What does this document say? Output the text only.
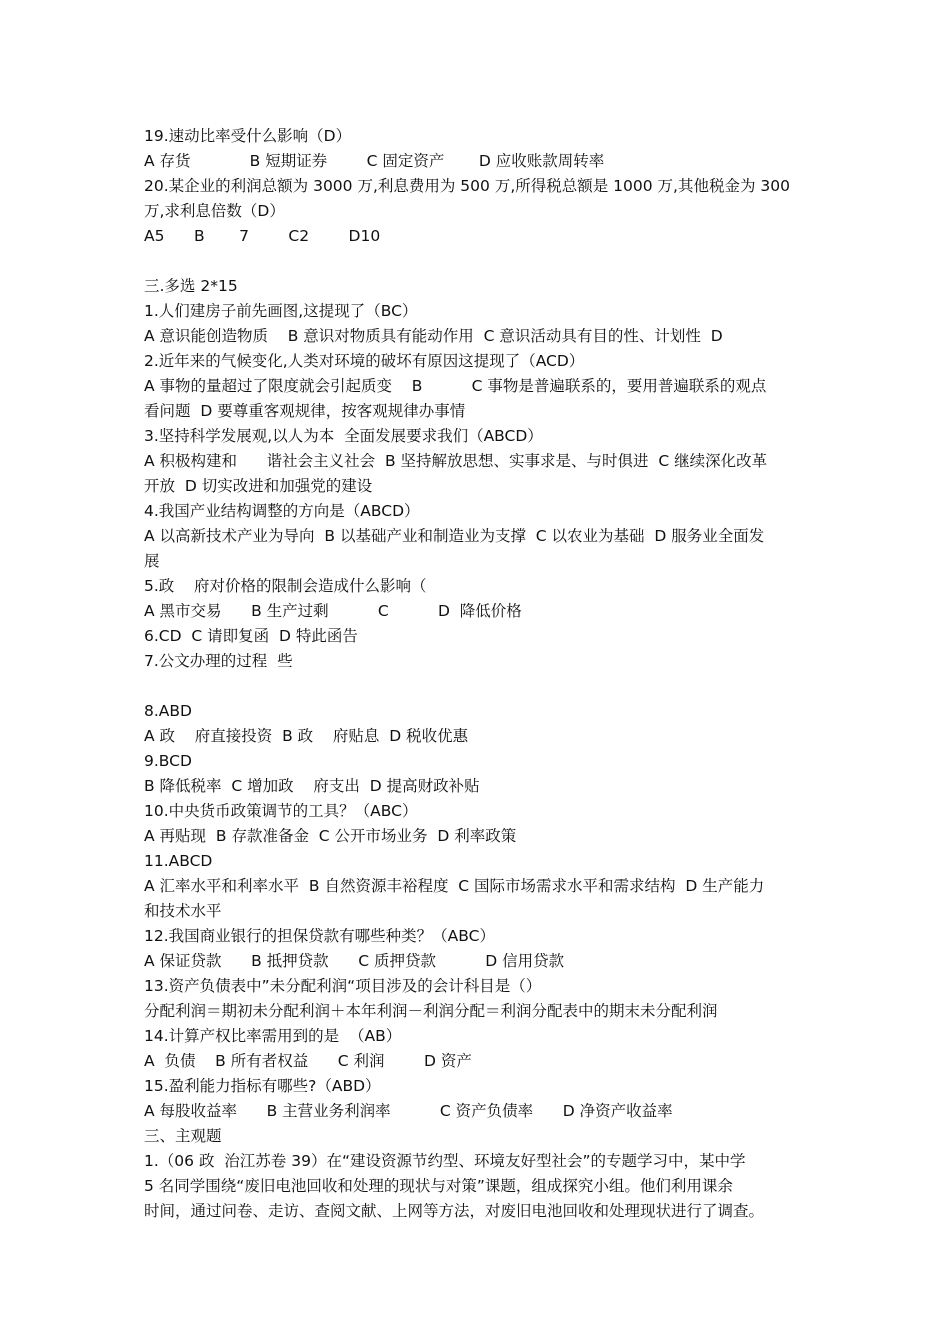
19.速动比率受什么影响（D）
A 存货            B 短期证券        C 固定资产       D 应收账款周转率
20.某企业的利润总额为 3000 万,利息费用为 500 万,所得税总额是 1000 万,其他税金为 300
万,求利息倍数（D）
A5      B       7        C2        D10
三.多选 2*15
1.人们建房子前先画图,这提现了（BC）
A 意识能创造物质    B 意识对物质具有能动作用  C 意识活动具有目的性、计划性  D
2.近年来的气候变化,人类对环境的破坏有原因这提现了（ACD）
A 事物的量超过了限度就会引起质变    B          C 事物是普遍联系的，要用普遍联系的观点
看问题  D 要尊重客观规律，按客观规律办事情
3.坚持科学发展观,以人为本  全面发展要求我们（ABCD）
A 积极构建和      谐社会主义社会  B 坚持解放思想、实事求是、与时俱进  C 继续深化改革
开放  D 切实改进和加强党的建设
4.我国产业结构调整的方向是（ABCD）
A 以高新技术产业为导向  B 以基础产业和制造业为支撑  C 以农业为基础  D 服务业全面发
展
5.政    府对价格的限制会造成什么影响（
A 黑市交易      B 生产过剩          C          D  降低价格
6.CD  C 请即复函  D 特此函告
7.公文办理的过程  些
8.ABD
A 政    府直接投资  B 政    府贴息  D 税收优惠
9.BCD
B 降低税率  C 增加政    府支出  D 提高财政补贴
10.中央货币政策调节的工具？（ABC）
A 再贴现  B 存款准备金  C 公开市场业务  D 利率政策
11.ABCD
A 汇率水平和利率水平  B 自然资源丰裕程度  C 国际市场需求水平和需求结构  D 生产能力
和技术水平
12.我国商业银行的担保贷款有哪些种类？（ABC）
A 保证贷款      B 抵押贷款      C 质押贷款          D 信用贷款
13.资产负债表中”未分配利润“项目涉及的会计科目是（）
分配利润＝期初未分配利润＋本年利润－利润分配＝利润分配表中的期末未分配利润
14.计算产权比率需用到的是  （AB）
A  负债    B 所有者权益      C 利润        D 资产
15.盈利能力指标有哪些?（ABD）
A 每股收益率      B 主营业务利润率          C 资产负债率      D 净资产收益率
三、主观题
1.（06 政  治江苏卷 39）在“建设资源节约型、环境友好型社会”的专题学习中，某中学
5 名同学围绕“废旧电池回收和处理的现状与对策”课题，组成探究小组。他们利用课余
时间，通过问卷、走访、查阅文献、上网等方法，对废旧电池回收和处理现状进行了调查。
